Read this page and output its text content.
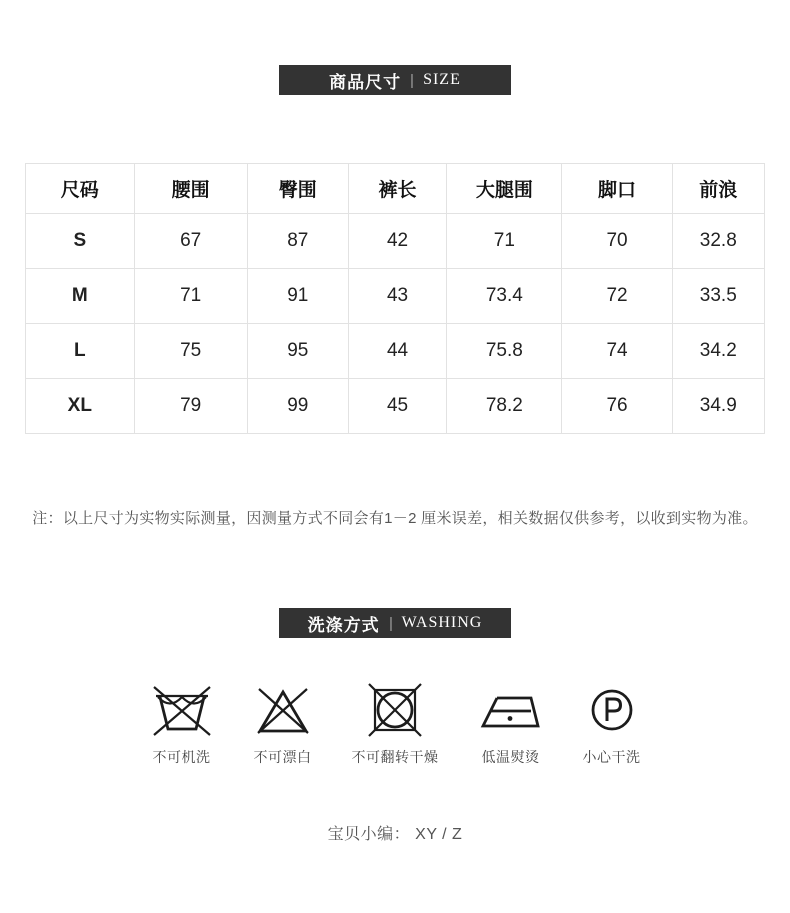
商品尺寸 | SIZE
尺码	腰围	臀围	裤长	大腿围	脚口	前浪
S	67	87	42	71	70	32.8
M	71	91	43	73.4	72	33.5
L	75	95	44	75.8	74	34.2
XL	79	99	45	78.2	76	34.9
注：以上尺寸为实物实际测量，因测量方式不同会有1－2 厘米误差，相关数据仅供参考，以收到实物为准。
洗涤方式 | WASHING
不可机洗	不可漂白	不可翻转干燥	低温熨烫	小心干洗
宝贝小编： XY / Z
